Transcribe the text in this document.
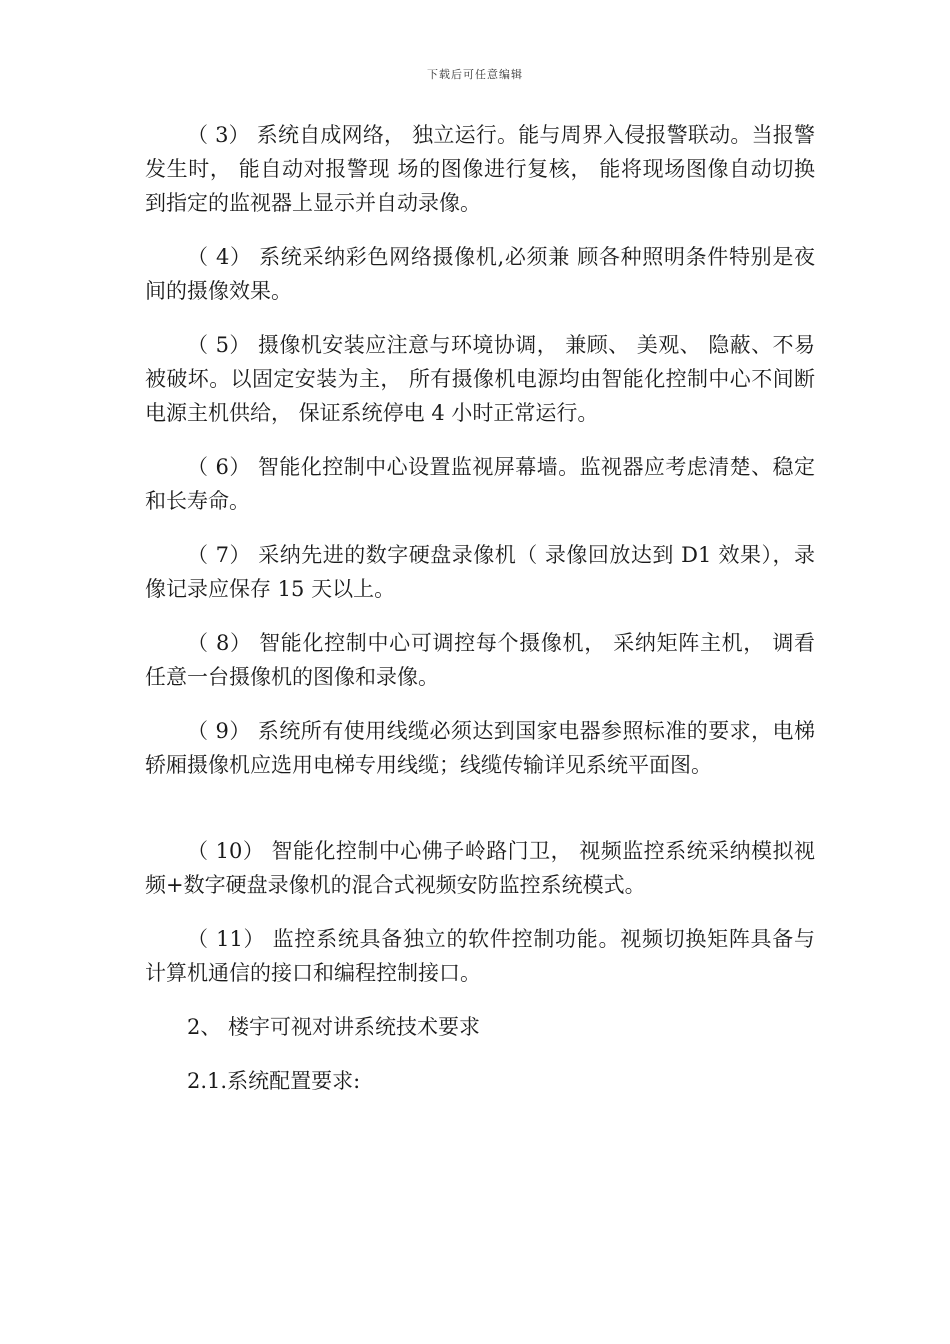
下载后可任意编辑

（ 3） 系统自成网络， 独立运行。能与周界入侵报警联动。当报警发生时， 能自动对报警现 场的图像进行复核， 能将现场图像自动切换到指定的监视器上显示并自动录像。

（ 4） 系统采纳彩色网络摄像机,必须兼 顾各种照明条件特别是夜间的摄像效果。

（ 5） 摄像机安装应注意与环境协调， 兼顾、 美观、 隐蔽、不易被破坏。以固定安装为主， 所有摄像机电源均由智能化控制中心不间断电源主机供给， 保证系统停电 4 小时正常运行。

（ 6） 智能化控制中心设置监视屏幕墙。监视器应考虑清楚、稳定和长寿命。

（ 7） 采纳先进的数字硬盘录像机（ 录像回放达到 D1 效果），录像记录应保存 15 天以上。

（ 8） 智能化控制中心可调控每个摄像机， 采纳矩阵主机， 调看任意一台摄像机的图像和录像。

（ 9） 系统所有使用线缆必须达到国家电器参照标准的要求，电梯轿厢摄像机应选用电梯专用线缆；线缆传输详见系统平面图。

（ 10） 智能化控制中心佛子岭路门卫， 视频监控系统采纳模拟视频+数字硬盘录像机的混合式视频安防监控系统模式。

（ 11） 监控系统具备独立的软件控制功能。视频切换矩阵具备与计算机通信的接口和编程控制接口。

2、 楼宇可视对讲系统技术要求

2.1.系统配置要求:
